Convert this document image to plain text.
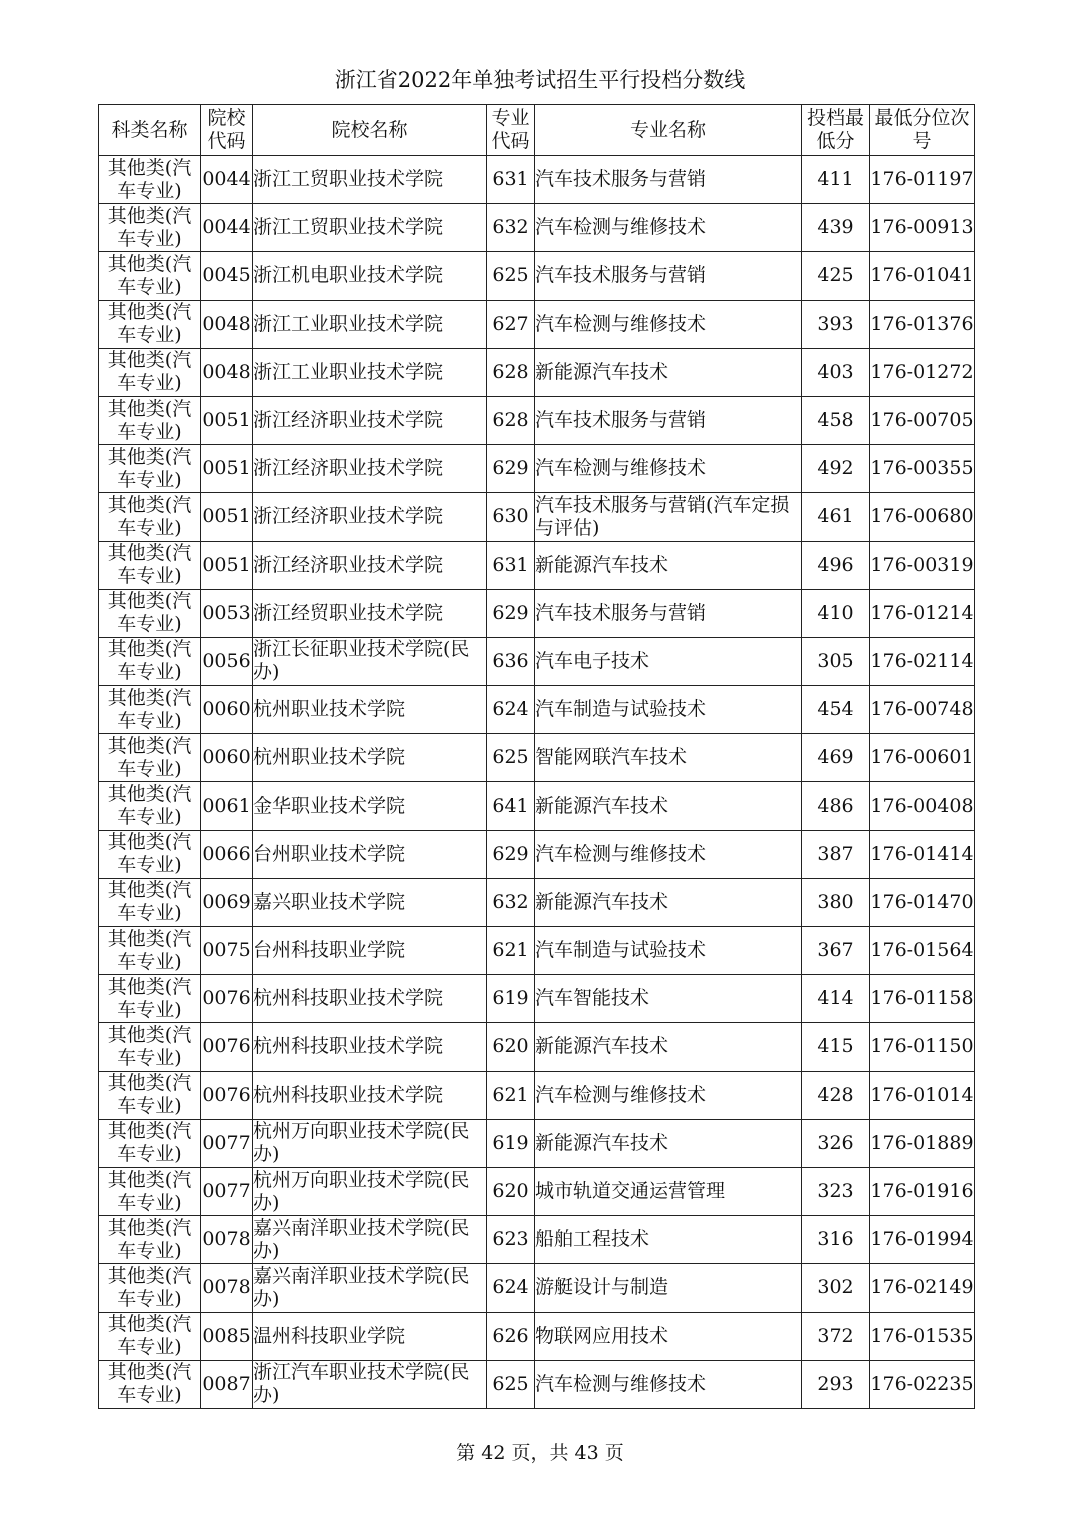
浙江省2022年单独考试招生平行投档分数线
科类名称	院校代码	院校名称	专业代码	专业名称	投档最低分	最低分位次号
其他类(汽车专业)	0044	浙江工贸职业技术学院	631	汽车技术服务与营销	411	176-01197
其他类(汽车专业)	0044	浙江工贸职业技术学院	632	汽车检测与维修技术	439	176-00913
其他类(汽车专业)	0045	浙江机电职业技术学院	625	汽车技术服务与营销	425	176-01041
其他类(汽车专业)	0048	浙江工业职业技术学院	627	汽车检测与维修技术	393	176-01376
其他类(汽车专业)	0048	浙江工业职业技术学院	628	新能源汽车技术	403	176-01272
其他类(汽车专业)	0051	浙江经济职业技术学院	628	汽车技术服务与营销	458	176-00705
其他类(汽车专业)	0051	浙江经济职业技术学院	629	汽车检测与维修技术	492	176-00355
其他类(汽车专业)	0051	浙江经济职业技术学院	630	汽车技术服务与营销(汽车定损与评估)	461	176-00680
其他类(汽车专业)	0051	浙江经济职业技术学院	631	新能源汽车技术	496	176-00319
其他类(汽车专业)	0053	浙江经贸职业技术学院	629	汽车技术服务与营销	410	176-01214
其他类(汽车专业)	0056	浙江长征职业技术学院(民办)	636	汽车电子技术	305	176-02114
其他类(汽车专业)	0060	杭州职业技术学院	624	汽车制造与试验技术	454	176-00748
其他类(汽车专业)	0060	杭州职业技术学院	625	智能网联汽车技术	469	176-00601
其他类(汽车专业)	0061	金华职业技术学院	641	新能源汽车技术	486	176-00408
其他类(汽车专业)	0066	台州职业技术学院	629	汽车检测与维修技术	387	176-01414
其他类(汽车专业)	0069	嘉兴职业技术学院	632	新能源汽车技术	380	176-01470
其他类(汽车专业)	0075	台州科技职业学院	621	汽车制造与试验技术	367	176-01564
其他类(汽车专业)	0076	杭州科技职业技术学院	619	汽车智能技术	414	176-01158
其他类(汽车专业)	0076	杭州科技职业技术学院	620	新能源汽车技术	415	176-01150
其他类(汽车专业)	0076	杭州科技职业技术学院	621	汽车检测与维修技术	428	176-01014
其他类(汽车专业)	0077	杭州万向职业技术学院(民办)	619	新能源汽车技术	326	176-01889
其他类(汽车专业)	0077	杭州万向职业技术学院(民办)	620	城市轨道交通运营管理	323	176-01916
其他类(汽车专业)	0078	嘉兴南洋职业技术学院(民办)	623	船舶工程技术	316	176-01994
其他类(汽车专业)	0078	嘉兴南洋职业技术学院(民办)	624	游艇设计与制造	302	176-02149
其他类(汽车专业)	0085	温州科技职业学院	626	物联网应用技术	372	176-01535
其他类(汽车专业)	0087	浙江汽车职业技术学院(民办)	625	汽车检测与维修技术	293	176-02235
第 42 页，共 43 页
